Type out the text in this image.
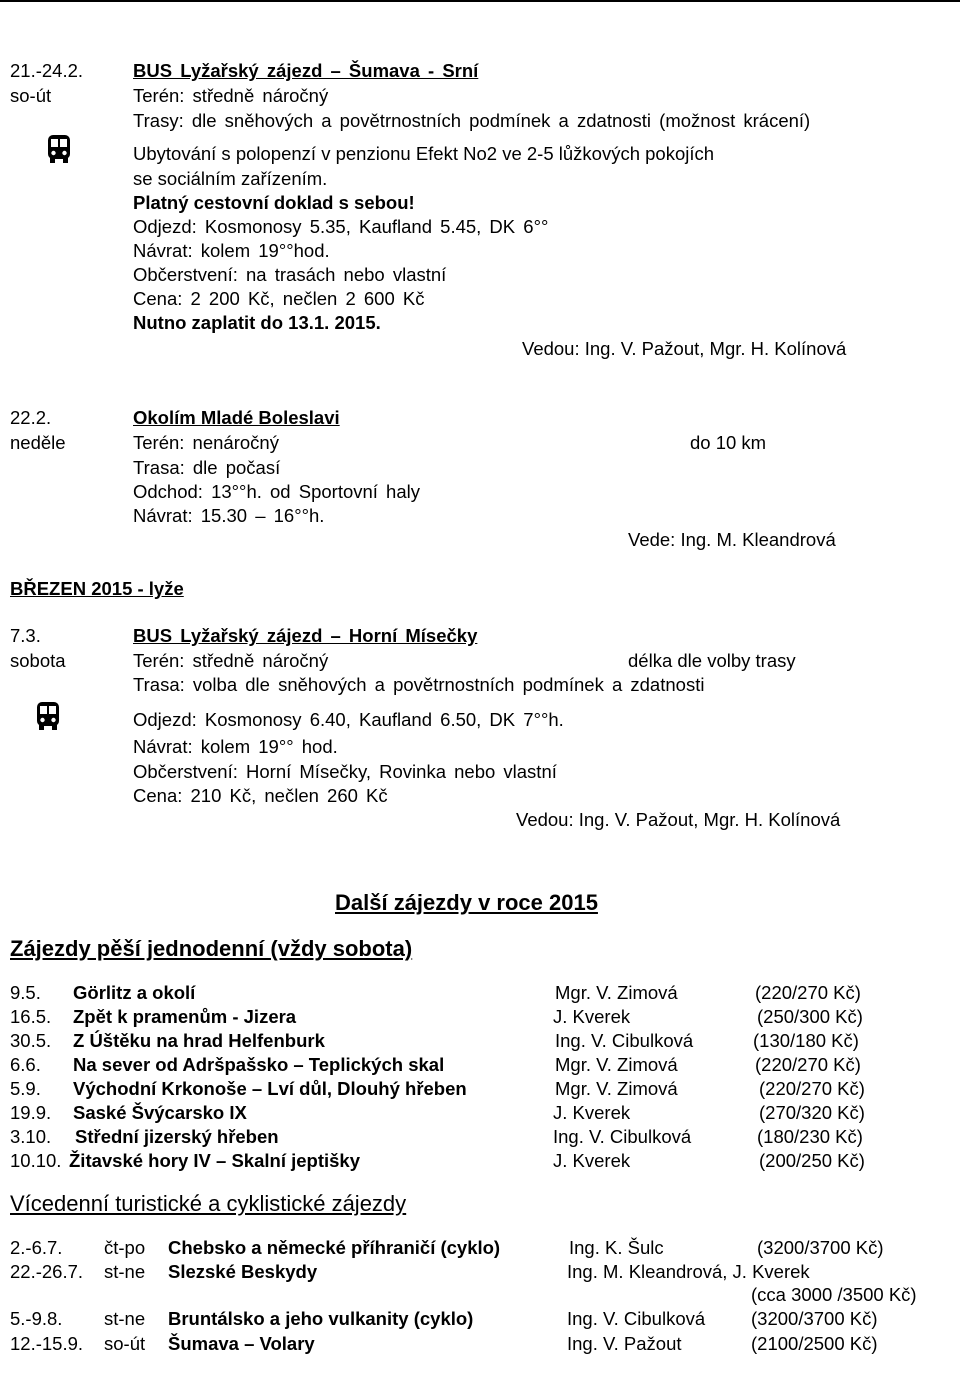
21.-24.2.	BUS Lyžařský zájezd – Šumava - Srní
so-út	Terén: středně náročný
Trasy: dle sněhových a povětrnostních podmínek a zdatnosti (možnost krácení)
Ubytování s polopenzí v penzionu Efekt No2 ve 2-5 lůžkových pokojích
se sociálním zařízením.
Platný cestovní doklad s sebou!
Odjezd: Kosmonosy 5.35, Kaufland 5.45, DK 6°°
Návrat: kolem 19°°hod.
Občerstvení: na trasách nebo vlastní
Cena: 2 200 Kč, nečlen 2 600 Kč
Nutno zaplatit do 13.1. 2015.
Vedou: Ing. V. Pažout, Mgr. H. Kolínová
22.2.	Okolím Mladé Boleslavi
neděle	Terén: nenáročný	do 10 km
Trasa: dle počasí
Odchod: 13°°h. od Sportovní haly
Návrat: 15.30 – 16°°h.
Vede: Ing. M. Kleandrová
BŘEZEN 2015 - lyže
7.3.	BUS Lyžařský zájezd – Horní Mísečky
sobota	Terén: středně náročný	délka dle volby trasy
Trasa: volba dle sněhových a povětrnostních podmínek a zdatnosti
Odjezd: Kosmonosy 6.40, Kaufland 6.50, DK 7°°h.
Návrat: kolem 19°° hod.
Občerstvení: Horní Mísečky, Rovinka nebo vlastní
Cena: 210 Kč, nečlen 260 Kč
Vedou: Ing. V. Pažout, Mgr. H. Kolínová
Další zájezdy v roce 2015
Zájezdy pěší jednodenní (vždy sobota)
9.5. Görlitz a okolí	Mgr. V. Zimová	(220/270 Kč)
16.5. Zpět k pramenům - Jizera	J. Kverek	(250/300 Kč)
30.5. Z Úštěku na hrad Helfenburk	Ing. V. Cibulková	(130/180 Kč)
6.6. Na sever od Adršpašsko – Teplických skal	Mgr. V. Zimová	(220/270 Kč)
5.9. Východní Krkonoše – Lví důl, Dlouhý hřeben	Mgr. V. Zimová	(220/270 Kč)
19.9. Saské Švýcarsko IX	J. Kverek	(270/320 Kč)
3.10. Střední jizerský hřeben	Ing. V. Cibulková	(180/230 Kč)
10.10. Žitavské hory IV – Skalní jeptišky	J. Kverek	(200/250 Kč)
Vícedenní turistické a cyklistické zájezdy
2.-6.7. čt-po Chebsko a německé příhraničí (cyklo)	Ing. K. Šulc	(3200/3700 Kč)
22.-26.7. st-ne Slezské Beskydy	Ing. M. Kleandrová, J. Kverek
(cca 3000 /3500 Kč)
5.-9.8. st-ne Bruntálsko a jeho vulkanity (cyklo)	Ing. V. Cibulková (3200/3700 Kč)
12.-15.9. so-út Šumava – Volary	Ing. V. Pažout	(2100/2500 Kč)
